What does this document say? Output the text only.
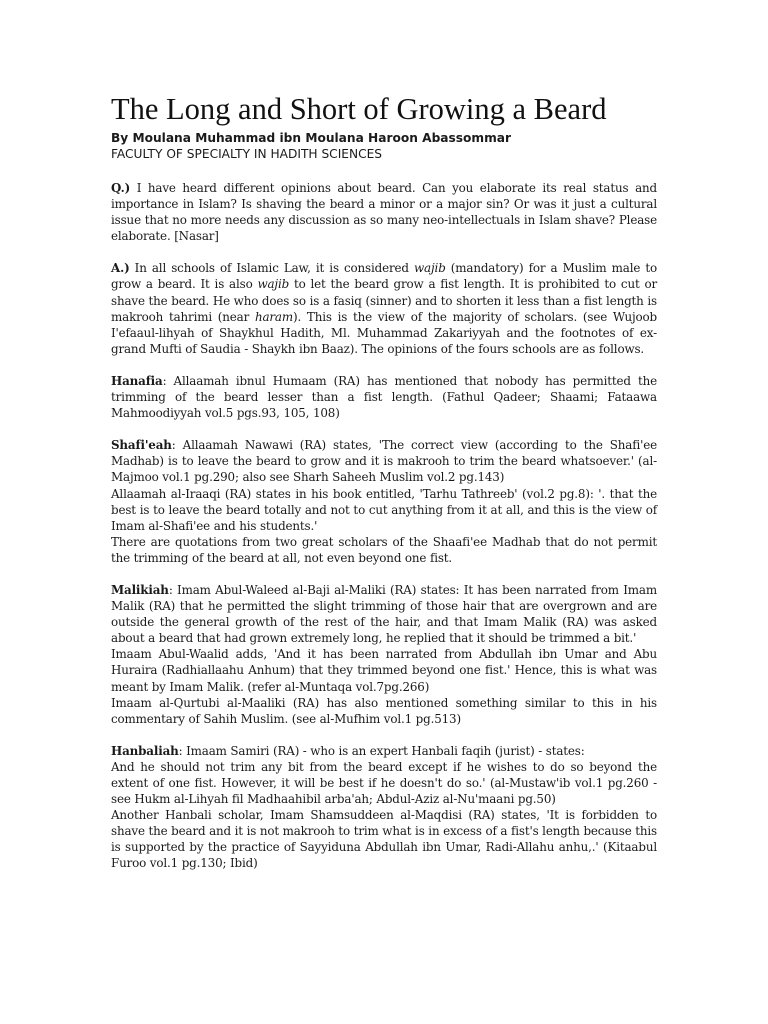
The Long and Short of Growing a Beard

By Moulana Muhammad ibn Moulana Haroon Abassommar

FACULTY OF SPECIALTY IN HADITH SCIENCES

Q.) I have heard different opinions about beard. Can you elaborate its real status and importance in Islam? Is shaving the beard a minor or a major sin? Or was it just a cultural issue that no more needs any discussion as so many neo-intellectuals in Islam shave? Please elaborate. [Nasar]

A.) In all schools of Islamic Law, it is considered wajib (mandatory) for a Muslim male to grow a beard. It is also wajib to let the beard grow a fist length. It is prohibited to cut or shave the beard. He who does so is a fasiq (sinner) and to shorten it less than a fist length is makrooh tahrimi (near haram). This is the view of the majority of scholars. (see Wujoob I'efaaul-lihyah of Shaykhul Hadith, Ml. Muhammad Zakariyyah and the footnotes of ex-grand Mufti of Saudia - Shaykh ibn Baaz). The opinions of the fours schools are as follows.

Hanafia: Allaamah ibnul Humaam (RA) has mentioned that nobody has permitted the trimming of the beard lesser than a fist length. (Fathul Qadeer; Shaami; Fataawa Mahmoodiyyah vol.5 pgs.93, 105, 108)

Shafi'eah: Allaamah Nawawi (RA) states, 'The correct view (according to the Shafi'ee Madhab) is to leave the beard to grow and it is makrooh to trim the beard whatsoever.' (al-Majmoo vol.1 pg.290; also see Sharh Saheeh Muslim vol.2 pg.143)
Allaamah al-Iraaqi (RA) states in his book entitled, 'Tarhu Tathreeb' (vol.2 pg.8): '. that the best is to leave the beard totally and not to cut anything from it at all, and this is the view of Imam al-Shafi'ee and his students.'
There are quotations from two great scholars of the Shaafi'ee Madhab that do not permit the trimming of the beard at all, not even beyond one fist.

Malikiah: Imam Abul-Waleed al-Baji al-Maliki (RA) states: It has been narrated from Imam Malik (RA) that he permitted the slight trimming of those hair that are overgrown and are outside the general growth of the rest of the hair, and that Imam Malik (RA) was asked about a beard that had grown extremely long, he replied that it should be trimmed a bit.'
Imaam Abul-Waalid adds, 'And it has been narrated from Abdullah ibn Umar and Abu Huraira (Radhiallaahu Anhum) that they trimmed beyond one fist.' Hence, this is what was meant by Imam Malik. (refer al-Muntaqa vol.7pg.266)
Imaam al-Qurtubi al-Maaliki (RA) has also mentioned something similar to this in his commentary of Sahih Muslim. (see al-Mufhim vol.1 pg.513)

Hanbaliah: Imaam Samiri (RA) - who is an expert Hanbali faqih (jurist) - states:
And he should not trim any bit from the beard except if he wishes to do so beyond the extent of one fist. However, it will be best if he doesn't do so.' (al-Mustaw'ib vol.1 pg.260 - see Hukm al-Lihyah fil Madhaahibil arba'ah; Abdul-Aziz al-Nu'maani pg.50)
Another Hanbali scholar, Imam Shamsuddeen al-Maqdisi (RA) states, 'It is forbidden to shave the beard and it is not makrooh to trim what is in excess of a fist's length because this is supported by the practice of Sayyiduna Abdullah ibn Umar, Radi-Allahu anhu,.' (Kitaabul Furoo vol.1 pg.130; Ibid)
